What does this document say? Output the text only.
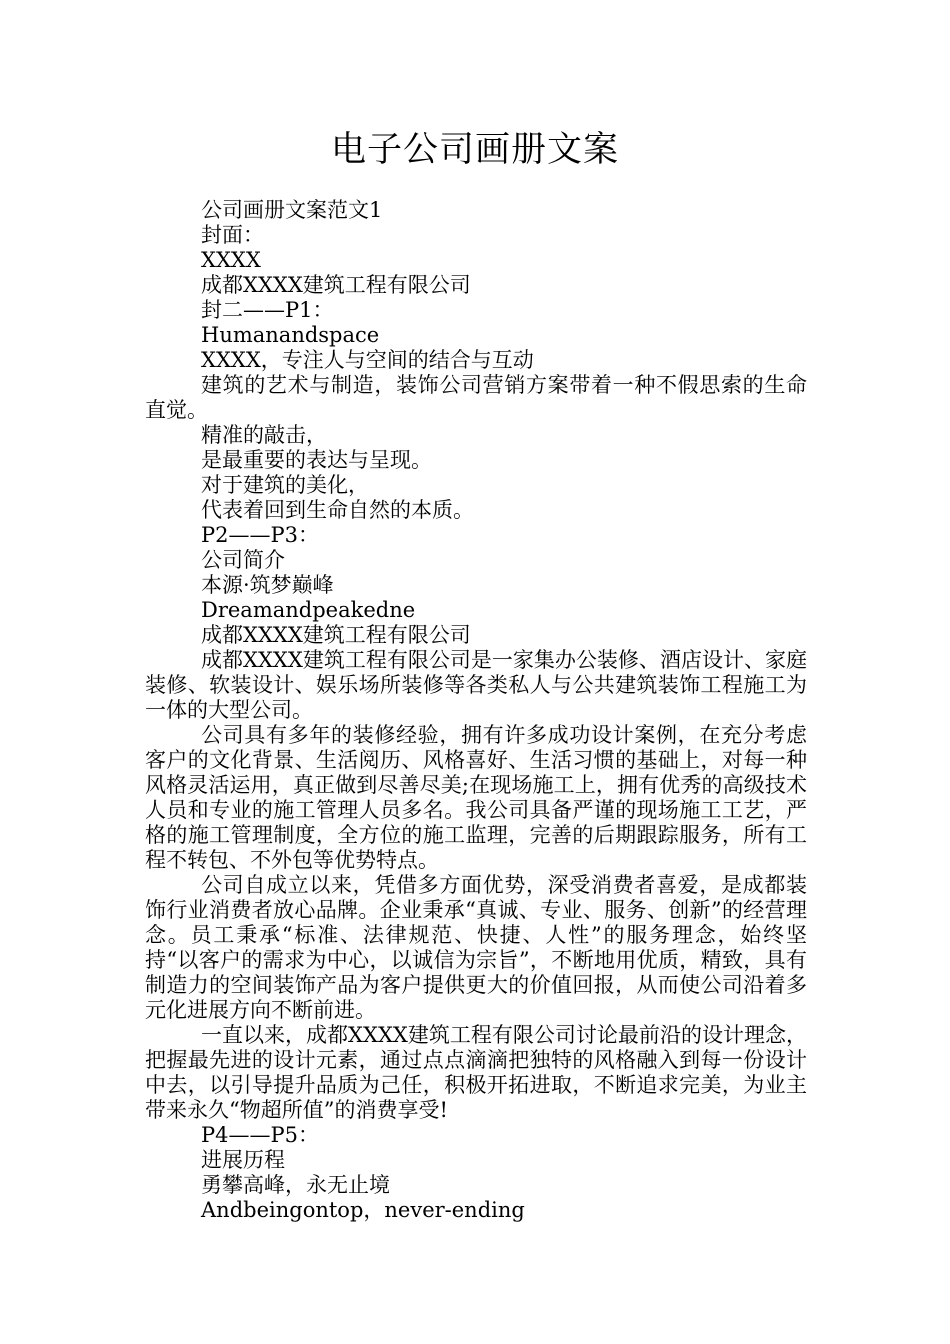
电子公司画册文案

公司画册文案范文1

封面：

XXXX

成都XXXX建筑工程有限公司

封二——P1：

Humanandspace

XXXX，专注人与空间的结合与互动

建筑的艺术与制造，装饰公司营销方案带着一种不假思索的生命直觉。

精准的敲击，

是最重要的表达与呈现。

对于建筑的美化，

代表着回到生命自然的本质。

P2——P3：

公司简介

本源·筑梦巅峰

Dreamandpeakedne

成都XXXX建筑工程有限公司

成都XXXX建筑工程有限公司是一家集办公装修、酒店设计、家庭装修、软装设计、娱乐场所装修等各类私人与公共建筑装饰工程施工为一体的大型公司。

公司具有多年的装修经验，拥有许多成功设计案例，在充分考虑客户的文化背景、生活阅历、风格喜好、生活习惯的基础上，对每一种风格灵活运用，真正做到尽善尽美;在现场施工上，拥有优秀的高级技术人员和专业的施工管理人员多名。我公司具备严谨的现场施工工艺，严格的施工管理制度，全方位的施工监理，完善的后期跟踪服务，所有工程不转包、不外包等优势特点。

公司自成立以来，凭借多方面优势，深受消费者喜爱，是成都装饰行业消费者放心品牌。企业秉承“真诚、专业、服务、创新”的经营理念。员工秉承“标准、法律规范、快捷、人性”的服务理念，始终坚持“以客户的需求为中心，以诚信为宗旨”，不断地用优质，精致，具有制造力的空间装饰产品为客户提供更大的价值回报，从而使公司沿着多元化进展方向不断前进。

一直以来，成都XXXX建筑工程有限公司讨论最前沿的设计理念，把握最先进的设计元素，通过点点滴滴把独特的风格融入到每一份设计中去，以引导提升品质为己任，积极开拓进取，不断追求完美，为业主带来永久“物超所值”的消费享受!

P4——P5：

进展历程

勇攀高峰，永无止境

Andbeingontop，never-ending
